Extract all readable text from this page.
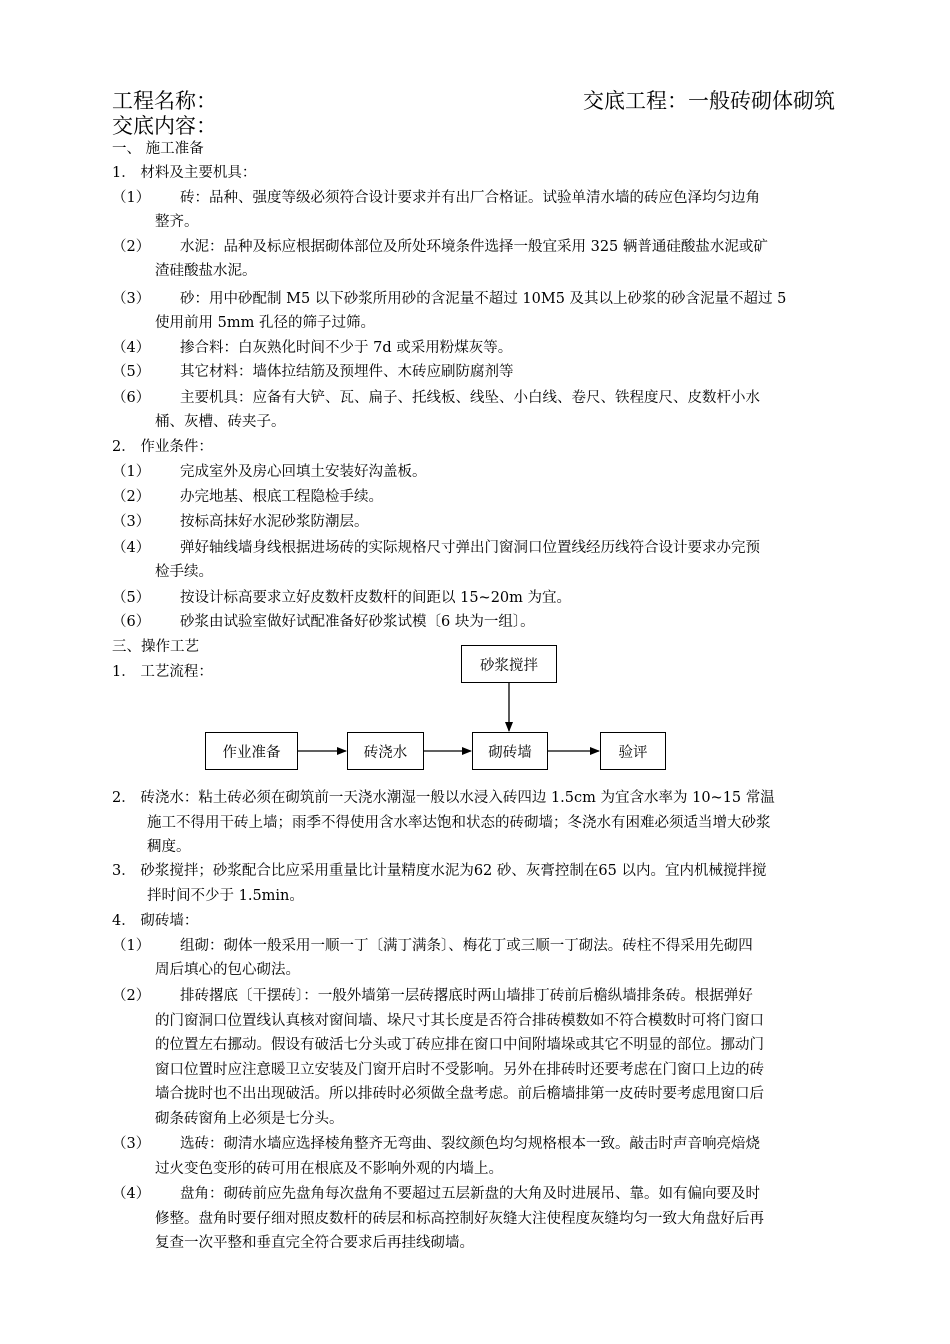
工程名称：	交底工程：一般砖砌体砌筑
交底内容：
一、 施工准备
1． 材料及主要机具：
（1） 砖：品种、强度等级必须符合设计要求并有出厂合格证。试验单清水墙的砖应色泽均匀边角
整齐。
（2） 水泥：品种及标应根据砌体部位及所处环境条件选择一般宜采用 325 辆普通硅酸盐水泥或矿
渣硅酸盐水泥。
（3） 砂：用中砂配制 M5 以下砂浆所用砂的含泥量不超过 10M5 及其以上砂浆的砂含泥量不超过 5
使用前用 5mm 孔径的筛子过筛。
（4） 掺合料：白灰熟化时间不少于 7d 或采用粉煤灰等。
（5） 其它材料：墙体拉结筋及预埋件、木砖应刷防腐剂等
（6） 主要机具：应备有大铲、瓦、扁子、托线板、线坠、小白线、卷尺、铁程度尺、皮数杆小水
桶、灰槽、砖夹子。
2． 作业条件：
（1） 完成室外及房心回填土安装好沟盖板。
（2） 办完地基、根底工程隐检手续。
（3） 按标高抹好水泥砂浆防潮层。
（4） 弹好轴线墙身线根据进场砖的实际规格尺寸弹出门窗洞口位置线经历线符合设计要求办完预
检手续。
（5） 按设计标高要求立好皮数杆皮数杆的间距以 15~20m 为宜。
（6） 砂浆由试验室做好试配准备好砂浆试模〔6 块为一组〕。
三、操作工艺
1． 工艺流程：	砂浆搅拌
作业准备	砖浇水	砌砖墙	验评
2． 砖浇水：粘土砖必须在砌筑前一天浇水潮湿一般以水浸入砖四边 1.5cm 为宜含水率为 10~15 常温
施工不得用干砖上墙；雨季不得使用含水率达饱和状态的砖砌墙；冬浇水有困难必须适当增大砂浆
稠度。
3． 砂浆搅拌；砂浆配合比应采用重量比计量精度水泥为62 砂、灰膏控制在65 以内。宜内机械搅拌搅
拌时间不少于 1.5min。
4． 砌砖墙：
（1） 组砌：砌体一般采用一顺一丁〔满丁满条〕、梅花丁或三顺一丁砌法。砖柱不得采用先砌四
周后填心的包心砌法。
（2） 排砖撂底〔干摆砖〕：一般外墙第一层砖撂底时两山墙排丁砖前后檐纵墙排条砖。根据弹好
的门窗洞口位置线认真核对窗间墙、垛尺寸其长度是否符合排砖模数如不符合模数时可将门窗口
的位置左右挪动。假设有破活七分头或丁砖应排在窗口中间附墙垛或其它不明显的部位。挪动门
窗口位置时应注意暖卫立安装及门窗开启时不受影响。另外在排砖时还要考虑在门窗口上边的砖
墙合拢时也不出出现破活。所以排砖时必须做全盘考虑。前后檐墙排第一皮砖时要考虑甩窗口后
砌条砖窗角上必须是七分头。
（3） 选砖：砌清水墙应选择棱角整齐无弯曲、裂纹颜色均匀规格根本一致。敲击时声音响亮焙烧
过火变色变形的砖可用在根底及不影响外观的内墙上。
（4） 盘角：砌砖前应先盘角每次盘角不要超过五层新盘的大角及时进展吊、靠。如有偏向要及时
修整。盘角时要仔细对照皮数杆的砖层和标高控制好灰缝大注使程度灰缝均匀一致大角盘好后再
复查一次平整和垂直完全符合要求后再挂线砌墙。
